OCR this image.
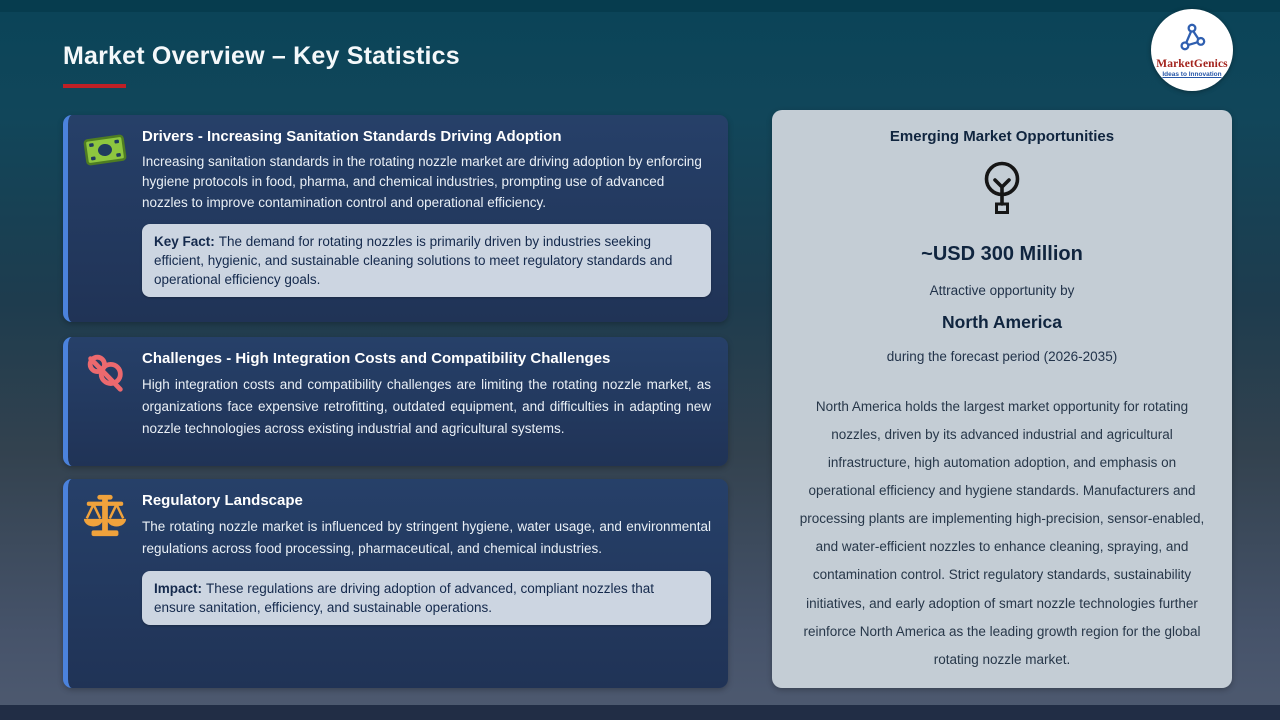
Market Overview – Key Statistics	MarketGenics
Ideas to Innovation
Drivers - Increasing Sanitation Standards Driving Adoption
Increasing sanitation standards in the rotating nozzle market are driving adoption by enforcing hygiene protocols in food, pharma, and chemical industries, prompting use of advanced nozzles to improve contamination control and operational efficiency.
Key Fact: The demand for rotating nozzles is primarily driven by industries seeking efficient, hygienic, and sustainable cleaning solutions to meet regulatory standards and operational efficiency goals.
Challenges - High Integration Costs and Compatibility Challenges
High integration costs and compatibility challenges are limiting the rotating nozzle market, as organizations face expensive retrofitting, outdated equipment, and difficulties in adapting new nozzle technologies across existing industrial and agricultural systems.
Regulatory Landscape
The rotating nozzle market is influenced by stringent hygiene, water usage, and environmental regulations across food processing, pharmaceutical, and chemical industries.
Impact: These regulations are driving adoption of advanced, compliant nozzles that ensure sanitation, efficiency, and sustainable operations.
Emerging Market Opportunities
~USD 300 Million
Attractive opportunity by
North America
during the forecast period (2026-2035)
North America holds the largest market opportunity for rotating nozzles, driven by its advanced industrial and agricultural infrastructure, high automation adoption, and emphasis on operational efficiency and hygiene standards. Manufacturers and processing plants are implementing high-precision, sensor-enabled, and water-efficient nozzles to enhance cleaning, spraying, and contamination control. Strict regulatory standards, sustainability initiatives, and early adoption of smart nozzle technologies further reinforce North America as the leading growth region for the global rotating nozzle market.
